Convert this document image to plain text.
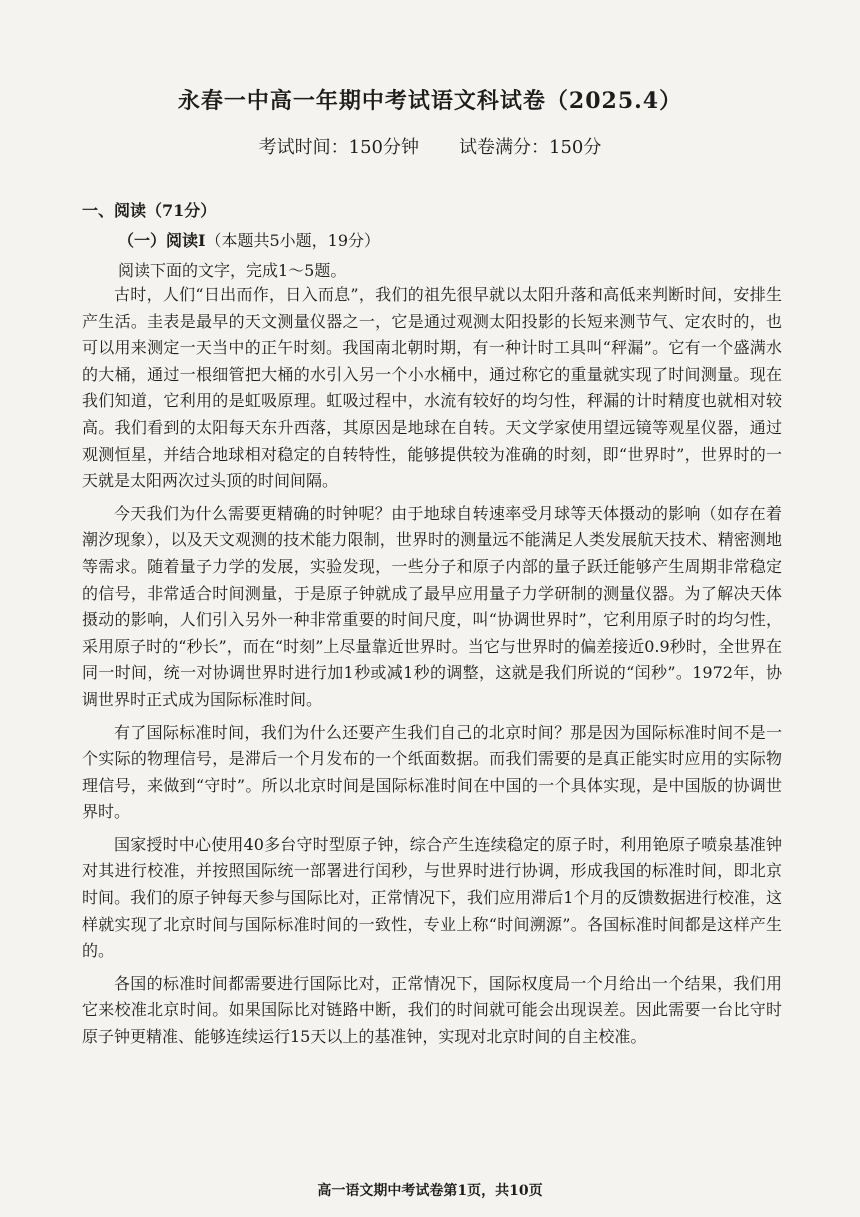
永春一中高一年期中考试语文科试卷（2025.4）
考试时间：150分钟 试卷满分：150分
一、阅读（71分）
（一）阅读Ⅰ（本题共5小题，19分）
阅读下面的文字，完成1～5题。

古时，人们“日出而作，日入而息”，我们的祖先很早就以太阳升落和高低来判断时间，安排生产生活。圭表是最早的天文测量仪器之一，它是通过观测太阳投影的长短来测节气、定农时的，也可以用来测定一天当中的正午时刻。我国南北朝时期，有一种计时工具叫“秤漏”。它有一个盛满水的大桶，通过一根细管把大桶的水引入另一个小水桶中，通过称它的重量就实现了时间测量。现在我们知道，它利用的是虹吸原理。虹吸过程中，水流有较好的均匀性，秤漏的计时精度也就相对较高。我们看到的太阳每天东升西落，其原因是地球在自转。天文学家使用望远镜等观星仪器，通过观测恒星，并结合地球相对稳定的自转特性，能够提供较为准确的时刻，即“世界时”，世界时的一天就是太阳两次过头顶的时间间隔。

今天我们为什么需要更精确的时钟呢？由于地球自转速率受月球等天体摄动的影响（如存在着潮汐现象），以及天文观测的技术能力限制，世界时的测量远不能满足人类发展航天技术、精密测地等需求。随着量子力学的发展，实验发现，一些分子和原子内部的量子跃迁能够产生周期非常稳定的信号，非常适合时间测量，于是原子钟就成了最早应用量子力学研制的测量仪器。为了解决天体摄动的影响，人们引入另外一种非常重要的时间尺度，叫“协调世界时”，它利用原子时的均匀性，采用原子时的“秒长”，而在“时刻”上尽量靠近世界时。当它与世界时的偏差接近0.9秒时，全世界在同一时间，统一对协调世界时进行加1秒或减1秒的调整，这就是我们所说的“闰秒”。1972年，协调世界时正式成为国际标准时间。

有了国际标准时间，我们为什么还要产生我们自己的北京时间？那是因为国际标准时间不是一个实际的物理信号，是滞后一个月发布的一个纸面数据。而我们需要的是真正能实时应用的实际物理信号，来做到“守时”。所以北京时间是国际标准时间在中国的一个具体实现，是中国版的协调世界时。

国家授时中心使用40多台守时型原子钟，综合产生连续稳定的原子时，利用铯原子喷泉基准钟对其进行校准，并按照国际统一部署进行闰秒，与世界时进行协调，形成我国的标准时间，即北京时间。我们的原子钟每天参与国际比对，正常情况下，我们应用滞后1个月的反馈数据进行校准，这样就实现了北京时间与国际标准时间的一致性，专业上称“时间溯源”。各国标准时间都是这样产生的。

各国的标准时间都需要进行国际比对，正常情况下，国际权度局一个月给出一个结果，我们用它来校准北京时间。如果国际比对链路中断，我们的时间就可能会出现误差。因此需要一台比守时原子钟更精准、能够连续运行15天以上的基准钟，实现对北京时间的自主校准。

高一语文期中考试卷第1页，共10页
